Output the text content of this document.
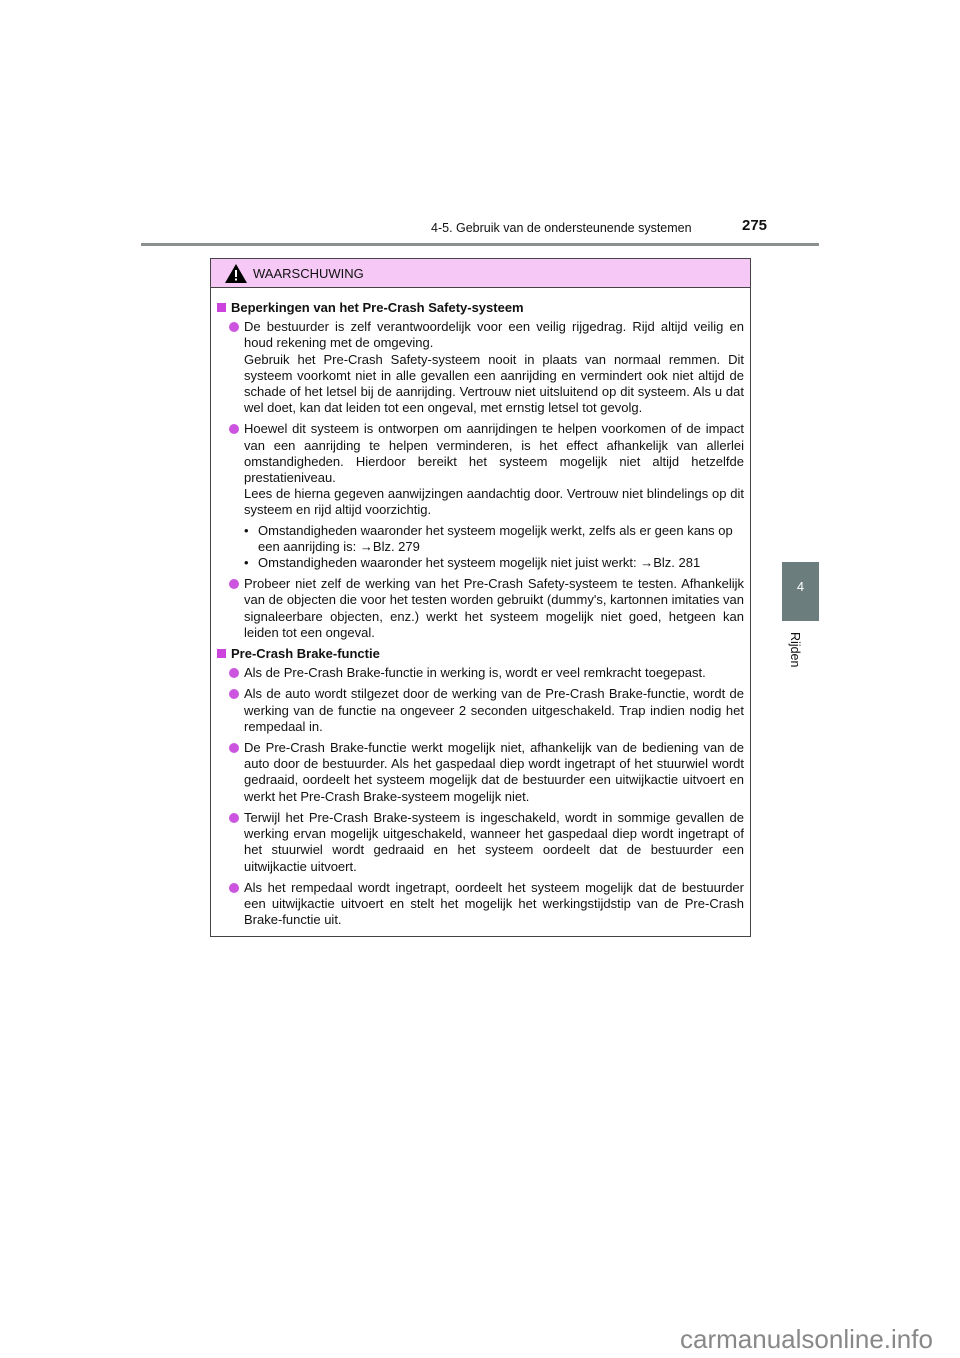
4-5. Gebruik van de ondersteunende systemen	275
4
Rijden
WAARSCHUWING
Beperkingen van het Pre-Crash Safety-systeem

De bestuurder is zelf verantwoordelijk voor een veilig rijgedrag. Rijd altijd veilig en houd rekening met de omgeving.

Gebruik het Pre-Crash Safety-systeem nooit in plaats van normaal remmen. Dit systeem voorkomt niet in alle gevallen een aanrijding en vermindert ook niet altijd de schade of het letsel bij de aanrijding. Vertrouw niet uitsluitend op dit systeem. Als u dat wel doet, kan dat leiden tot een ongeval, met ernstig letsel tot gevolg.

Hoewel dit systeem is ontworpen om aanrijdingen te helpen voorkomen of de impact van een aanrijding te helpen verminderen, is het effect afhankelijk van allerlei omstandigheden. Hierdoor bereikt het systeem mogelijk niet altijd hetzelfde prestatieniveau.

Lees de hierna gegeven aanwijzingen aandachtig door. Vertrouw niet blindelings op dit systeem en rijd altijd voorzichtig.

• Omstandigheden waaronder het systeem mogelijk werkt, zelfs als er geen kans op een aanrijding is: →Blz. 279
• Omstandigheden waaronder het systeem mogelijk niet juist werkt: →Blz. 281

Probeer niet zelf de werking van het Pre-Crash Safety-systeem te testen. Afhankelijk van de objecten die voor het testen worden gebruikt (dummy's, kartonnen imitaties van signaleerbare objecten, enz.) werkt het systeem mogelijk niet goed, hetgeen kan leiden tot een ongeval.

Pre-Crash Brake-functie

Als de Pre-Crash Brake-functie in werking is, wordt er veel remkracht toegepast.

Als de auto wordt stilgezet door de werking van de Pre-Crash Brake-functie, wordt de werking van de functie na ongeveer 2 seconden uitgeschakeld. Trap indien nodig het rempedaal in.

De Pre-Crash Brake-functie werkt mogelijk niet, afhankelijk van de bediening van de auto door de bestuurder. Als het gaspedaal diep wordt ingetrapt of het stuurwiel wordt gedraaid, oordeelt het systeem mogelijk dat de bestuurder een uitwijkactie uitvoert en werkt het Pre-Crash Brake-systeem mogelijk niet.

Terwijl het Pre-Crash Brake-systeem is ingeschakeld, wordt in sommige gevallen de werking ervan mogelijk uitgeschakeld, wanneer het gaspedaal diep wordt ingetrapt of het stuurwiel wordt gedraaid en het systeem oordeelt dat de bestuurder een uitwijkactie uitvoert.

Als het rempedaal wordt ingetrapt, oordeelt het systeem mogelijk dat de bestuurder een uitwijkactie uitvoert en stelt het mogelijk het werkingstijdstip van de Pre-Crash Brake-functie uit.

carmanualsonline.info
